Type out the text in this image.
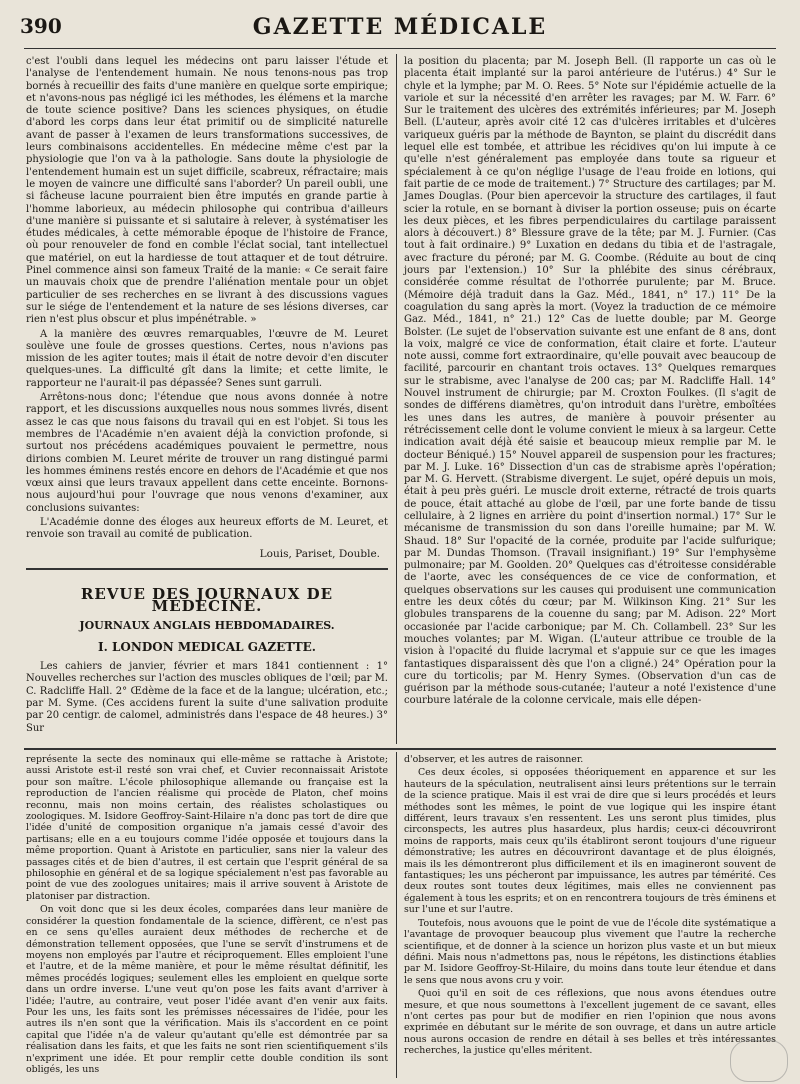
390	GAZETTE MÉDICALE

c'est l'oubli dans lequel les médecins ont paru laisser l'étude et l'analyse de l'entendement humain. Ne nous tenons-nous pas trop bornés à recueillir des faits d'une manière en quelque sorte empirique; et n'avons-nous pas négligé ici les méthodes, les élémens et la marche de toute science positive? Dans les sciences physiques, on étudie d'abord les corps dans leur état primitif ou de simplicité naturelle avant de passer à l'examen de leurs transformations successives, de leurs combinaisons accidentelles. En médecine même c'est par la physiologie que l'on va à la pathologie. Sans doute la physiologie de l'entendement humain est un sujet difficile, scabreux, réfractaire; mais le moyen de vaincre une difficulté sans l'aborder? Un pareil oubli, une si fâcheuse lacune pourraient bien être imputés en grande partie à l'homme laborieux, au médecin philosophe qui contribua d'ailleurs d'une manière si puissante et si salutaire à relever, à systématiser les études médicales, à cette mémorable époque de l'histoire de France, où pour renouveler de fond en comble l'éclat social, tant intellectuel que matériel, on eut la hardiesse de tout attaquer et de tout détruire. Pinel commence ainsi son fameux Traité de la manie: « Ce serait faire un mauvais choix que de prendre l'aliénation mentale pour un objet particulier de ses recherches en se livrant à des discussions vagues sur le siége de l'entendement et la nature de ses lésions diverses, car rien n'est plus obscur et plus impénétrable. »

A la manière des œuvres remarquables, l'œuvre de M. Leuret soulève une foule de grosses questions. Certes, nous n'avions pas mission de les agiter toutes; mais il était de notre devoir d'en discuter quelques-unes. La difficulté gît dans la limite; et cette limite, le rapporteur ne l'aurait-il pas dépassée? Senes sunt garruli.

Arrêtons-nous donc; l'étendue que nous avons donnée à notre rapport, et les discussions auxquelles nous nous sommes livrés, disent assez le cas que nous faisons du travail qui en est l'objet. Si tous les membres de l'Académie n'en avaient déjà la conviction profonde, si surtout nos précédens académiques pouvaient le permettre, nous dirions combien M. Leuret mérite de trouver un rang distingué parmi les hommes éminens restés encore en dehors de l'Académie et que nos vœux ainsi que leurs travaux appellent dans cette enceinte. Bornons-nous aujourd'hui pour l'ouvrage que nous venons d'examiner, aux conclusions suivantes:

L'Académie donne des éloges aux heureux efforts de M. Leuret, et renvoie son travail au comité de publication.

Louis, Pariset, Double.
REVUE DES JOURNAUX DE MÉDECINE.
JOURNAUX ANGLAIS HEBDOMADAIRES.
I. LONDON MEDICAL GAZETTE.

Les cahiers de janvier, février et mars 1841 contiennent : 1° Nouvelles recherches sur l'action des muscles obliques de l'œil; par M. C. Radcliffe Hall. 2° Œdème de la face et de la langue; ulcération, etc.; par M. Syme. (Ces accidens furent la suite d'une salivation produite par 20 centigr. de calomel, administrés dans l'espace de 48 heures.) 3° Sur

la position du placenta; par M. Joseph Bell. (Il rapporte un cas où le placenta était implanté sur la paroi antérieure de l'utérus.) 4° Sur le chyle et la lymphe; par M. O. Rees. 5° Note sur l'épidémie actuelle de la variole et sur la nécessité d'en arrêter les ravages; par M. W. Farr. 6° Sur le traitement des ulcères des extrémités inférieures; par M. Joseph Bell. (L'auteur, après avoir cité 12 cas d'ulcères irritables et d'ulcères variqueux guéris par la méthode de Baynton, se plaint du discrédit dans lequel elle est tombée, et attribue les récidives qu'on lui impute à ce qu'elle n'est généralement pas employée dans toute sa rigueur et spécialement à ce qu'on néglige l'usage de l'eau froide en lotions, qui fait partie de ce mode de traitement.) 7° Structure des cartilages; par M. James Douglas. (Pour bien apercevoir la structure des cartilages, il faut scier la rotule, en se bornant à diviser la portion osseuse; puis on écarte les deux pièces, et les fibres perpendiculaires du cartilage paraissent alors à découvert.) 8° Blessure grave de la tête; par M. J. Furnier. (Cas tout à fait ordinaire.) 9° Luxation en dedans du tibia et de l'astragale, avec fracture du péroné; par M. G. Coombe. (Réduite au bout de cinq jours par l'extension.) 10° Sur la phlébite des sinus cérébraux, considérée comme résultat de l'othorrée purulente; par M. Bruce. (Mémoire déjà traduit dans la Gaz. Méd., 1841, n° 17.) 11° De la coagulation du sang après la mort. (Voyez la traduction de ce mémoire Gaz. Méd., 1841, n° 21.) 12° Cas de luette double; par M. George Bolster. (Le sujet de l'observation suivante est une enfant de 8 ans, dont la voix, malgré ce vice de conformation, était claire et forte. L'auteur note aussi, comme fort extraordinaire, qu'elle pouvait avec beaucoup de facilité, parcourir en chantant trois octaves. 13° Quelques remarques sur le strabisme, avec l'analyse de 200 cas; par M. Radcliffe Hall. 14° Nouvel instrument de chirurgie; par M. Croxton Foulkes. (Il s'agit de sondes de différens diamètres, qu'on introduit dans l'urètre, emboîtées les unes dans les autres, de manière à pouvoir présenter au rétrécissement celle dont le volume convient le mieux à sa largeur. Cette indication avait déjà été saisie et beaucoup mieux remplie par M. le docteur Béniqué.) 15° Nouvel appareil de suspension pour les fractures; par M. J. Luke. 16° Dissection d'un cas de strabisme après l'opération; par M. G. Hervett. (Strabisme divergent. Le sujet, opéré depuis un mois, était à peu près guéri. Le muscle droit externe, rétracté de trois quarts de pouce, était attaché au globe de l'œil, par une forte bande de tissu cellulaire, à 2 lignes en arrière du point d'insertion normal.) 17° Sur le mécanisme de transmission du son dans l'oreille humaine; par M. W. Shaud. 18° Sur l'opacité de la cornée, produite par l'acide sulfurique; par M. Dundas Thomson. (Travail insignifiant.) 19° Sur l'emphysème pulmonaire; par M. Goolden. 20° Quelques cas d'étroitesse considérable de l'aorte, avec les conséquences de ce vice de conformation, et quelques observations sur les causes qui produisent une communication entre les deux côtés du cœur; par M. Wilkinson King. 21° Sur les globules transparens de la couenne du sang; par M. Adison. 22° Mort occasionée par l'acide carbonique; par M. Ch. Collambell. 23° Sur les mouches volantes; par M. Wigan. (L'auteur attribue ce trouble de la vision à l'opacité du fluide lacrymal et s'appuie sur ce que les images fantastiques disparaissent dès que l'on a cligné.) 24° Opération pour la cure du torticolis; par M. Henry Symes. (Observation d'un cas de guérison par la méthode sous-cutanée; l'auteur a noté l'existence d'une courbure latérale de la colonne cervicale, mais elle dépen-

représente la secte des nominaux qui elle-même se rattache à Aristote; aussi Aristote est-il resté son vrai chef, et Cuvier reconnaissait Aristote pour son maître. L'école philosophique allemande ou française est la reproduction de l'ancien réalisme qui procède de Platon, chef moins reconnu, mais non moins certain, des réalistes scholastiques ou zoologiques. M. Isidore Geoffroy-Saint-Hilaire n'a donc pas tort de dire que l'idée d'unité de composition organique n'a jamais cessé d'avoir des partisans; elle en a eu toujours comme l'idée opposée et toujours dans la même proportion. Quant à Aristote en particulier, sans nier la valeur des passages cités et de bien d'autres, il est certain que l'esprit général de sa philosophie en général et de sa logique spécialement n'est pas favorable au point de vue des zoologues unitaires; mais il arrive souvent à Aristote de platoniser par distraction.

On voit donc que si les deux écoles, comparées dans leur manière de considérer la question fondamentale de la science, diffèrent, ce n'est pas en ce sens qu'elles auraient deux méthodes de recherche et de démonstration tellement opposées, que l'une se servît d'instrumens et de moyens non employés par l'autre et réciproquement. Elles emploient l'une et l'autre, et de la même manière, et pour le même résultat définitif, les mêmes procédés logiques; seulement elles les emploient en quelque sorte dans un ordre inverse. L'une veut qu'on pose les faits avant d'arriver à l'idée; l'autre, au contraire, veut poser l'idée avant d'en venir aux faits. Pour les uns, les faits sont les prémisses nécessaires de l'idée, pour les autres ils n'en sont que la vérification. Mais ils s'accordent en ce point capital que l'idée n'a de valeur qu'autant qu'elle est démontrée par sa réalisation dans les faits, et que les faits ne sont rien scientifiquement s'ils n'expriment une idée. Et pour remplir cette double condition ils sont obligés, les uns

d'observer, et les autres de raisonner.

Ces deux écoles, si opposées théoriquement en apparence et sur les hauteurs de la spéculation, neutralisent ainsi leurs prétentions sur le terrain de la science pratique. Mais il est vrai de dire que si leurs procédés et leurs méthodes sont les mêmes, le point de vue logique qui les inspire étant différent, leurs travaux s'en ressentent. Les uns seront plus timides, plus circonspects, les autres plus hasardeux, plus hardis; ceux-ci découvriront moins de rapports, mais ceux qu'ils établiront seront toujours d'une rigueur démonstrative; les autres en découvriront davantage et de plus éloignés, mais ils les démontreront plus difficilement et ils en imagineront souvent de fantastiques; les uns pécheront par impuissance, les autres par témérité. Ces deux routes sont toutes deux légitimes, mais elles ne conviennent pas également à tous les esprits; et on en rencontrera toujours de très éminens et sur l'une et sur l'autre.

Toutefois, nous avouons que le point de vue de l'école dite systématique a l'avantage de provoquer beaucoup plus vivement que l'autre la recherche scientifique, et de donner à la science un horizon plus vaste et un but mieux défini. Mais nous n'admettons pas, nous le répétons, les distinctions établies par M. Isidore Geoffroy-St-Hilaire, du moins dans toute leur étendue et dans le sens que nous avons cru y voir.

Quoi qu'il en soit de ces réflexions, que nous avons étendues outre mesure, et que nous soumettons à l'excellent jugement de ce savant, elles n'ont certes pas pour but de modifier en rien l'opinion que nous avons exprimée en débutant sur le mérite de son ouvrage, et dans un autre article nous aurons occasion de rendre en détail à ses belles et très intéressantes recherches, la justice qu'elles méritent.
